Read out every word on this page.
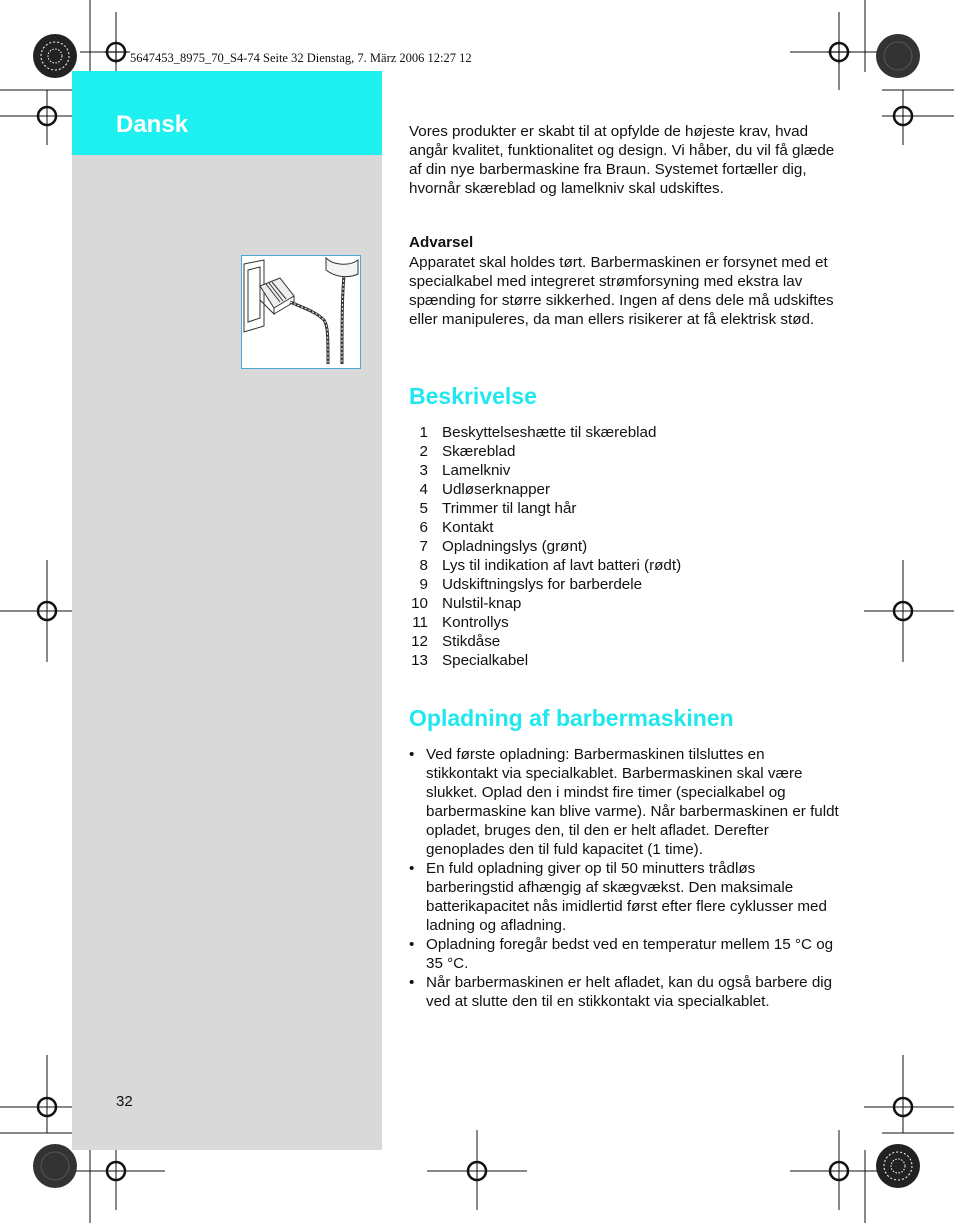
5647453_8975_70_S4-74 Seite 32 Dienstag, 7. März 2006 12:27 12
Dansk	Vores produkter er skabt til at opfylde de højeste krav, hvad angår kvalitet, funktionalitet og design. Vi håber, du vil få glæde af din nye barbermaskine fra Braun. Systemet fortæller dig, hvornår skæreblad og lamelkniv skal udskiftes.

Advarsel

Apparatet skal holdes tørt. Barbermaskinen er forsynet med et specialkabel med integreret strømforsyning med ekstra lav spænding for større sikkerhed. Ingen af dens dele må udskiftes eller manipuleres, da man ellers risikerer at få elektrisk stød.

Beskrivelse
1 Beskyttelseshætte til skæreblad
2 Skæreblad
3 Lamelkniv
4 Udløserknapper
5 Trimmer til langt hår
6 Kontakt
7 Opladningslys (grønt)
8 Lys til indikation af lavt batteri (rødt)
9 Udskiftningslys for barberdele
10 Nulstil-knap
11 Kontrollys
12 Stikdåse
13 Specialkabel
Opladning af barbermaskinen
• Ved første opladning: Barbermaskinen tilsluttes en stikkontakt via specialkablet. Barbermaskinen skal være slukket. Oplad den i mindst fire timer (specialkabel og barbermaskine kan blive varme). Når barbermaskinen er fuldt opladet, bruges den, til den er helt afladet. Derefter genoplades den til fuld kapacitet (1 time).
• En fuld opladning giver op til 50 minutters trådløs barberingstid afhængig af skægvækst. Den maksimale batterikapacitet nås imidlertid først efter flere cyklusser med ladning og afladning.
• Opladning foregår bedst ved en temperatur mellem 15 °C og 35 °C.
• Når barbermaskinen er helt afladet, kan du også barbere dig ved at slutte den til en stikkontakt via specialkablet.
32
